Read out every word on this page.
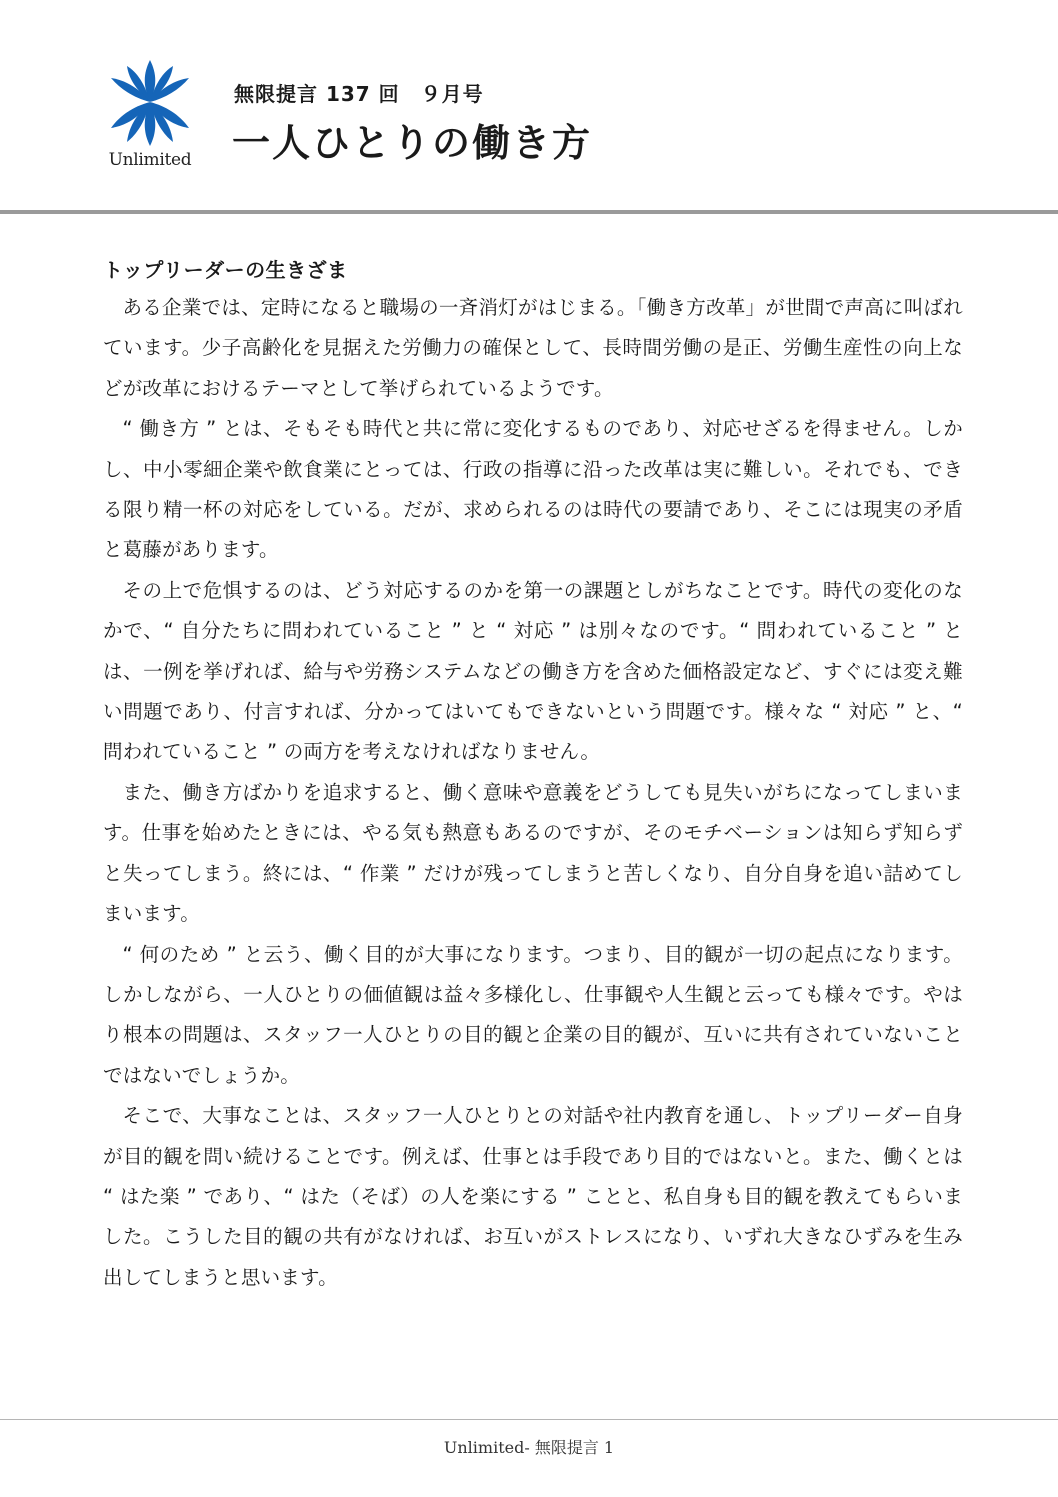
Unlimited
無限提言 137 回　９月号
一人ひとりの働き方
トップリーダーの生きざま

ある企業では、定時になると職場の一斉消灯がはじまる。「働き方改革」が世間で声高に叫ばれています。少子高齢化を見据えた労働力の確保として、長時間労働の是正、労働生産性の向上などが改革におけるテーマとして挙げられているようです。

“ 働き方 ” とは、そもそも時代と共に常に変化するものであり、対応せざるを得ません。しかし、中小零細企業や飲食業にとっては、行政の指導に沿った改革は実に難しい。それでも、できる限り精一杯の対応をしている。だが、求められるのは時代の要請であり、そこには現実の矛盾と葛藤があります。

その上で危惧するのは、どう対応するのかを第一の課題としがちなことです。時代の変化のなかで、“ 自分たちに問われていること ” と “ 対応 ” は別々なのです。“ 問われていること ” とは、一例を挙げれば、給与や労務システムなどの働き方を含めた価格設定など、すぐには変え難い問題であり、付言すれば、分かってはいてもできないという問題です。様々な “ 対応 ” と、“ 問われていること ” の両方を考えなければなりません。

また、働き方ばかりを追求すると、働く意味や意義をどうしても見失いがちになってしまいます。仕事を始めたときには、やる気も熱意もあるのですが、そのモチベーションは知らず知らずと失ってしまう。終には、“ 作業 ” だけが残ってしまうと苦しくなり、自分自身を追い詰めてしまいます。

“ 何のため ” と云う、働く目的が大事になります。つまり、目的観が一切の起点になります。しかしながら、一人ひとりの価値観は益々多様化し、仕事観や人生観と云っても様々です。やはり根本の問題は、スタッフ一人ひとりの目的観と企業の目的観が、互いに共有されていないことではないでしょうか。

そこで、大事なことは、スタッフ一人ひとりとの対話や社内教育を通し、トップリーダー自身が目的観を問い続けることです。例えば、仕事とは手段であり目的ではないと。また、働くとは “ はた楽 ” であり、“ はた（そば）の人を楽にする ” ことと、私自身も目的観を教えてもらいました。こうした目的観の共有がなければ、お互いがストレスになり、いずれ大きなひずみを生み出してしまうと思います。

Unlimited- 無限提言 1
